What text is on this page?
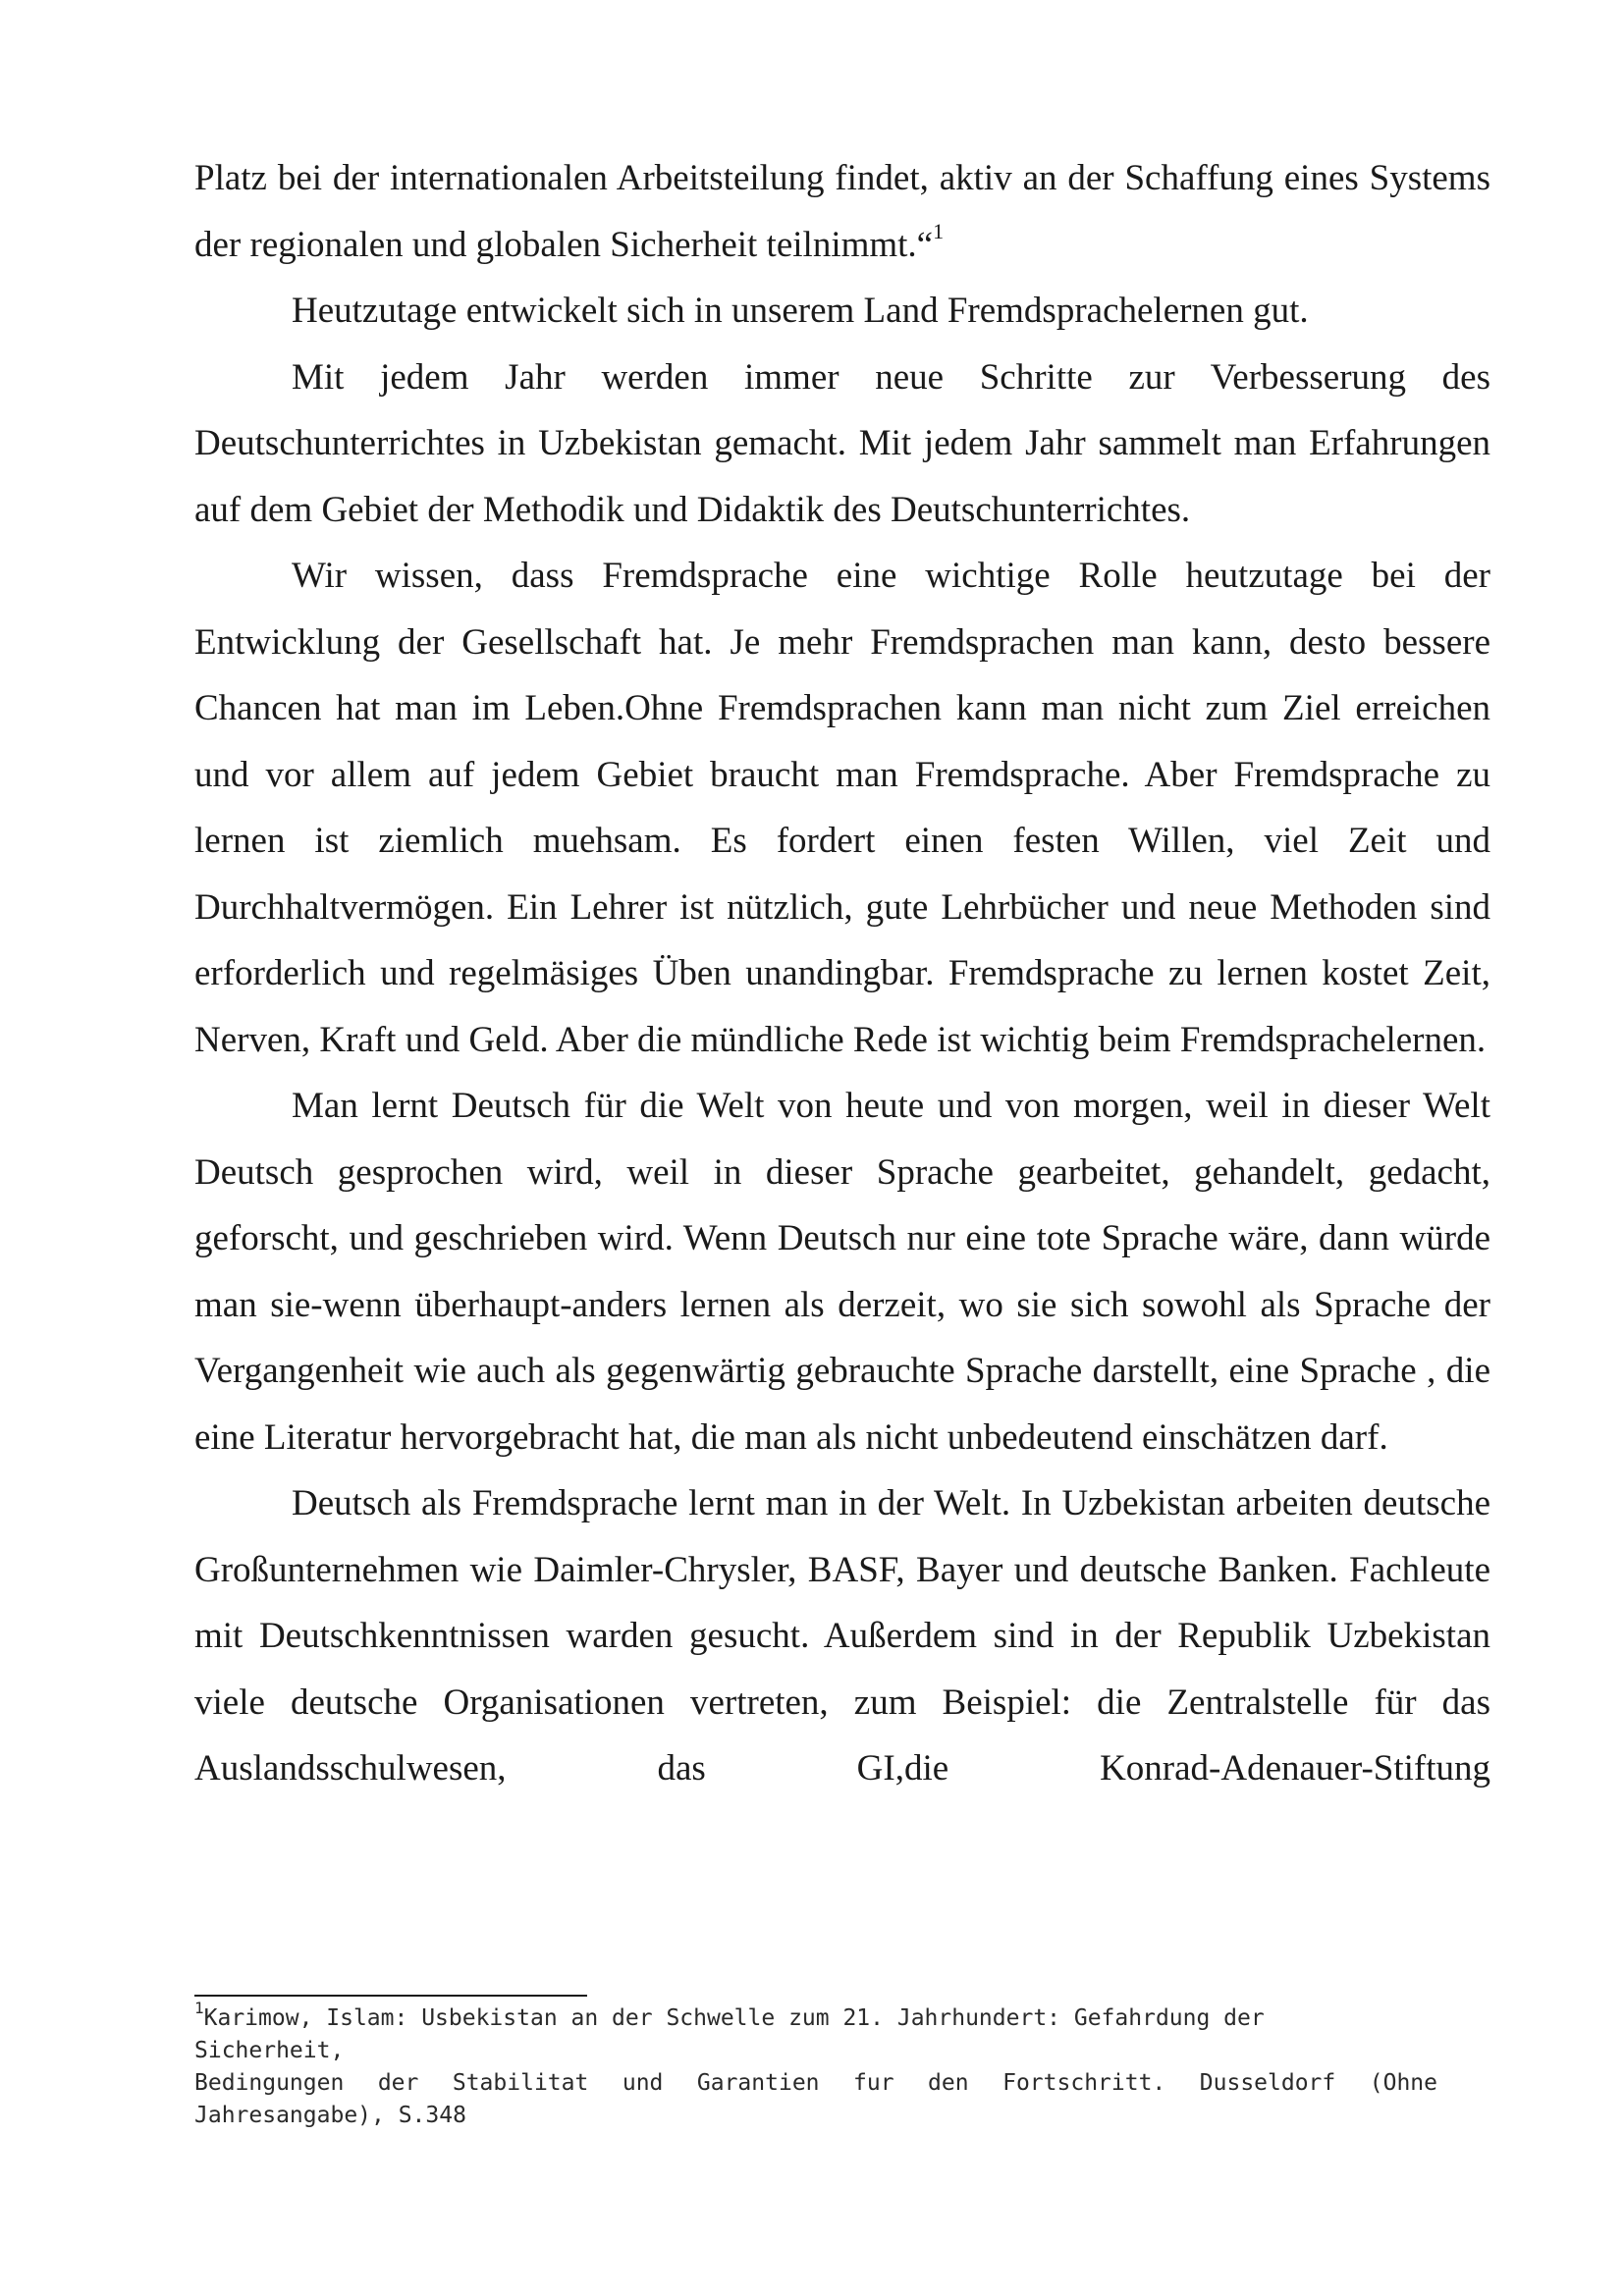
Platz bei der internationalen Arbeitsteilung findet, aktiv an der Schaffung eines Systems der regionalen und globalen Sicherheit teilnimmt.“$^1$

Heutzutage entwickelt sich in unserem Land Fremdsprachelernen gut.

Mit jedem Jahr werden immer neue Schritte zur Verbesserung des Deutschunterrichtes in Uzbekistan gemacht. Mit jedem Jahr sammelt man Erfahrungen auf dem Gebiet der Methodik und Didaktik des Deutschunterrichtes.

Wir wissen, dass Fremdsprache eine wichtige Rolle heutzutage bei der Entwicklung der Gesellschaft hat. Je mehr Fremdsprachen man kann, desto bessere Chancen hat man im Leben.Ohne Fremdsprachen kann man nicht zum Ziel erreichen und vor allem auf jedem Gebiet braucht man Fremdsprache. Aber Fremdsprache zu lernen ist ziemlich muehsam. Es fordert einen festen Willen, viel Zeit und Durchhaltvermögen. Ein Lehrer ist nützlich, gute Lehrbücher und neue Methoden sind erforderlich und regelmäsiges Üben unandingbar. Fremdsprache zu lernen kostet Zeit, Nerven, Kraft und Geld. Aber die mündliche Rede ist wichtig beim Fremdsprachelernen.

Man lernt Deutsch für die Welt von heute und von morgen, weil in dieser Welt Deutsch gesprochen wird, weil in dieser Sprache gearbeitet, gehandelt, gedacht, geforscht, und geschrieben wird. Wenn Deutsch nur eine tote Sprache wäre, dann würde man sie-wenn überhaupt-anders lernen als derzeit, wo sie sich sowohl als Sprache der Vergangenheit wie auch als gegenwärtig gebrauchte Sprache darstellt, eine Sprache , die eine Literatur hervorgebracht hat, die man als nicht unbedeutend einschätzen darf.

Deutsch als Fremdsprache lernt man in der Welt. In Uzbekistan arbeiten deutsche Großunternehmen wie Daimler-Chrysler, BASF, Bayer und deutsche Banken. Fachleute mit Deutschkenntnissen warden gesucht. Außerdem sind in der Republik Uzbekistan viele deutsche Organisationen vertreten, zum Beispiel: die Zentralstelle für das Auslandsschulwesen, das GI,die Konrad-Adenauer-Stiftung

$^1$Karimow, Islam: Usbekistan an der Schwelle zum 21. Jahrhundert: Gefahrdung der
Sicherheit,
Bedingungen der Stabilitat und Garantien fur den Fortschritt. Dusseldorf (Ohne
Jahresangabe), S.348
